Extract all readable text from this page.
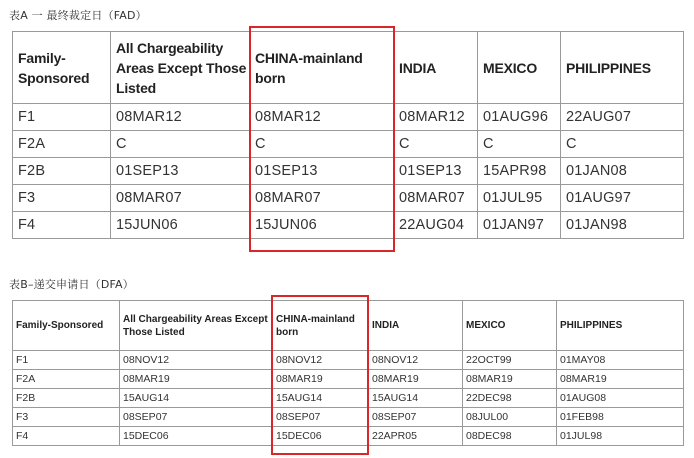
表A 一 最终裁定日（FAD）
Family-Sponsored	All Chargeability Areas Except Those Listed	CHINA-mainland born	INDIA	MEXICO	PHILIPPINES
F1	08MAR12	08MAR12	08MAR12	01AUG96	22AUG07
F2A	C	C	C	C	C
F2B	01SEP13	01SEP13	01SEP13	15APR98	01JAN08
F3	08MAR07	08MAR07	08MAR07	01JUL95	01AUG97
F4	15JUN06	15JUN06	22AUG04	01JAN97	01JAN98
表B–递交申请日（DFA）
Family-Sponsored	All Chargeability Areas Except Those Listed	CHINA-mainland born	INDIA	MEXICO	PHILIPPINES
F1	08NOV12	08NOV12	08NOV12	22OCT99	01MAY08
F2A	08MAR19	08MAR19	08MAR19	08MAR19	08MAR19
F2B	15AUG14	15AUG14	15AUG14	22DEC98	01AUG08
F3	08SEP07	08SEP07	08SEP07	08JUL00	01FEB98
F4	15DEC06	15DEC06	22APR05	08DEC98	01JUL98
